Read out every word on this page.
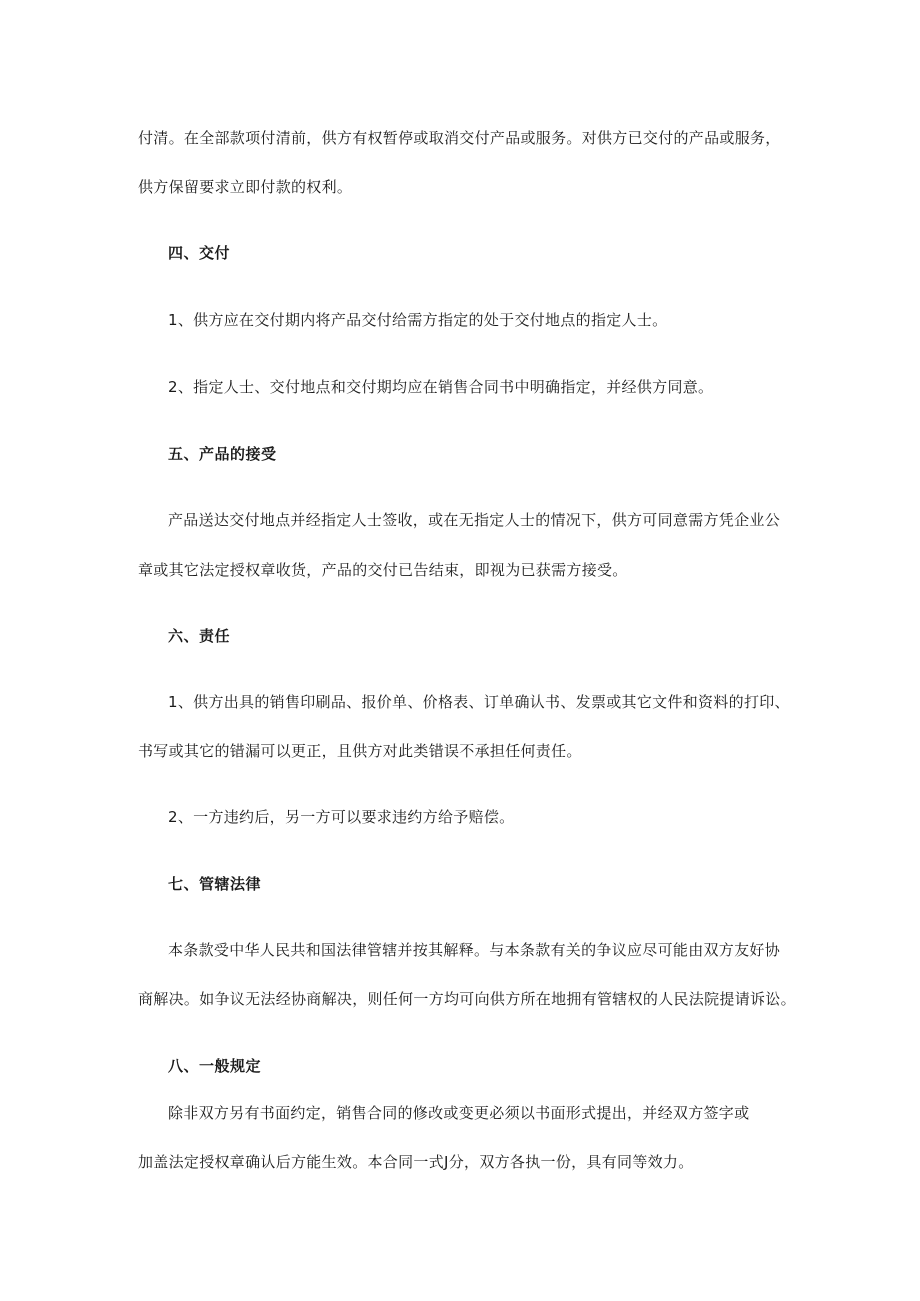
付清。在全部款项付清前，供方有权暂停或取消交付产品或服务。对供方已交付的产品或服务，
供方保留要求立即付款的权利。
四、交付
1、供方应在交付期内将产品交付给需方指定的处于交付地点的指定人士。
2、指定人士、交付地点和交付期均应在销售合同书中明确指定，并经供方同意。
五、产品的接受
产品送达交付地点并经指定人士签收，或在无指定人士的情况下，供方可同意需方凭企业公
章或其它法定授权章收货，产品的交付已告结束，即视为已获需方接受。
六、责任
1、供方出具的销售印刷品、报价单、价格表、订单确认书、发票或其它文件和资料的打印、
书写或其它的错漏可以更正，且供方对此类错误不承担任何责任。
2、一方违约后，另一方可以要求违约方给予赔偿。
七、管辖法律
本条款受中华人民共和国法律管辖并按其解释。与本条款有关的争议应尽可能由双方友好协
商解决。如争议无法经协商解决，则任何一方均可向供方所在地拥有管辖权的人民法院提请诉讼。
八、一般规定
除非双方另有书面约定，销售合同的修改或变更必须以书面形式提出，并经双方签字或
加盖法定授权章确认后方能生效。本合同一式J分，双方各执一份，具有同等效力。
